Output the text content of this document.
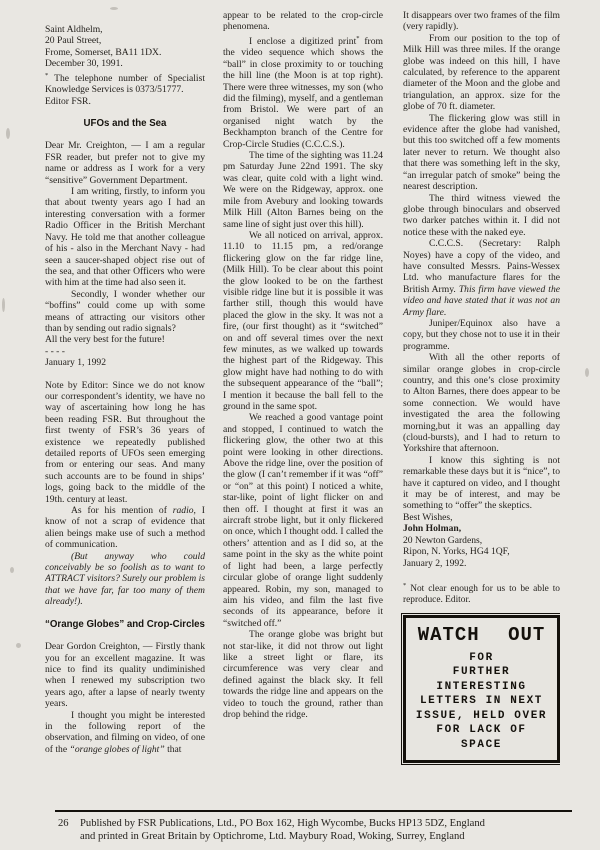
Saint Aldhelm,

20 Paul Street,

Frome, Somerset, BA11 1DX.

December 30, 1991.

* The telephone number of Specialist Knowledge Services is 0373/51777.

Editor FSR.

UFOs and the Sea

Dear Mr. Creighton, — I am a regular FSR reader, but prefer not to give my name or address as I work for a very “sensitive” Government Department.

I am writing, firstly, to inform you that about twenty years ago I had an interesting conversation with a former Radio Officer in the British Merchant Navy. He told me that another colleague of his - also in the Merchant Navy - had seen a saucer-shaped object rise out of the sea, and that other Officers who were with him at the time had also seen it.

Secondly, I wonder whether our “boffins” could come up with some means of attracting our visitors other than by sending out radio signals?

All the very best for the future!

- - - -

January 1, 1992

Note by Editor: Since we do not know our correspondent’s identity, we have no way of ascertaining how long he has been reading FSR. But throughout the first twenty of FSR’s 36 years of existence we repeatedly published detailed reports of UFOs seen emerging from or entering our seas. And many such accounts are to be found in ships’ logs, going back to the middle of the 19th. century at least.

As for his mention of radio, I know of not a scrap of evidence that alien beings make use of such a method of communication.

(But anyway who could conceivably be so foolish as to want to ATTRACT visitors? Surely our problem is that we have far, far too many of them already!).

“Orange Globes” and Crop-Circles

Dear Gordon Creighton, — Firstly thank you for an excellent magazine. It was nice to find its quality undiminished when I renewed my subscription two years ago, after a lapse of nearly twenty years.

I thought you might be interested in the following report of the observation, and filming on video, of one of the “orange globes of light” that

appear to be related to the crop-circle phenomena.

I enclose a digitized print* from the video sequence which shows the “ball” in close proximity to or touching the hill line (the Moon is at top right). There were three witnesses, my son (who did the filming), myself, and a gentleman from Bristol. We were part of an organised night watch by the Beckhampton branch of the Centre for Crop-Circle Studies (C.C.C.S.).

The time of the sighting was 11.24 pm Saturday June 22nd 1991. The sky was clear, quite cold with a light wind. We were on the Ridgeway, approx. one mile from Avebury and looking towards Milk Hill (Alton Barnes being on the same line of sight just over this hill).

We all noticed on arrival, approx. 11.10 to 11.15 pm, a red/orange flickering glow on the far ridge line, (Milk Hill). To be clear about this point the glow looked to be on the farthest visible ridge line but it is possible it was farther still, though this would have placed the glow in the sky. It was not a fire, (our first thought) as it “switched” on and off several times over the next few minutes, as we walked up towards the highest part of the Ridgeway. This glow might have had nothing to do with the subsequent appearance of the “ball”; I mention it because the ball fell to the ground in the same spot.

We reached a good vantage point and stopped, I continued to watch the flickering glow, the other two at this point were looking in other directions. Above the ridge line, over the position of the glow (I can’t remember if it was “off” or “on” at this point) I noticed a white, star-like, point of light flicker on and then off. I thought at first it was an aircraft strobe light, but it only flickered on once, which I thought odd. I called the others’ attention and as I did so, at the same point in the sky as the white point of light had been, a large perfectly circular globe of orange light suddenly appeared. Robin, my son, managed to aim his video, and film the last five seconds of its appearance, before it “switched off.”

The orange globe was bright but not star-like, it did not throw out light like a street light or flare, its circumference was very clear and defined against the black sky. It fell towards the ridge line and appears on the video to touch the ground, rather than drop behind the ridge.

It disappears over two frames of the film (very rapidly).

From our position to the top of Milk Hill was three miles. If the orange globe was indeed on this hill, I have calculated, by reference to the apparent diameter of the Moon and the globe and triangulation, an approx. size for the globe of 70 ft. diameter.

The flickering glow was still in evidence after the globe had vanished, but this too switched off a few moments later never to return. We thought also that there was something left in the sky, “an irregular patch of smoke” being the nearest description.

The third witness viewed the globe through binoculars and observed two darker patches within it. I did not notice these with the naked eye.

C.C.C.S. (Secretary: Ralph Noyes) have a copy of the video, and have consulted Messrs. Pains-Wessex Ltd. who manufacture flares for the British Army. This firm have viewed the video and have stated that it was not an Army flare.

Juniper/Equinox also have a copy, but they chose not to use it in their programme.

With all the other reports of similar orange globes in crop-circle country, and this one’s close proximity to Alton Barnes, there does appear to be some connection. We would have investigated the area the following morning,but it was an appalling day (cloud-bursts), and I had to return to Yorkshire that afternoon.

I know this sighting is not remarkable these days but it is “nice”, to have it captured on video, and I thought it may be of interest, and may be something to “offer” the skeptics.

Best Wishes,

John Holman,

20 Newton Gardens,

Ripon, N. Yorks, HG4 1QF,

January 2, 1992.

* Not clear enough for us to be able to reproduce. Editor.

WATCH OUT
FOR
FURTHER
INTERESTING
LETTERS IN NEXT
ISSUE, HELD OVER
FOR LACK OF
SPACE
26	Published by FSR Publications, Ltd., PO Box 162, High Wycombe, Bucks HP13 5DZ, England
and printed in Great Britain by Optichrome, Ltd. Maybury Road, Woking, Surrey, England
